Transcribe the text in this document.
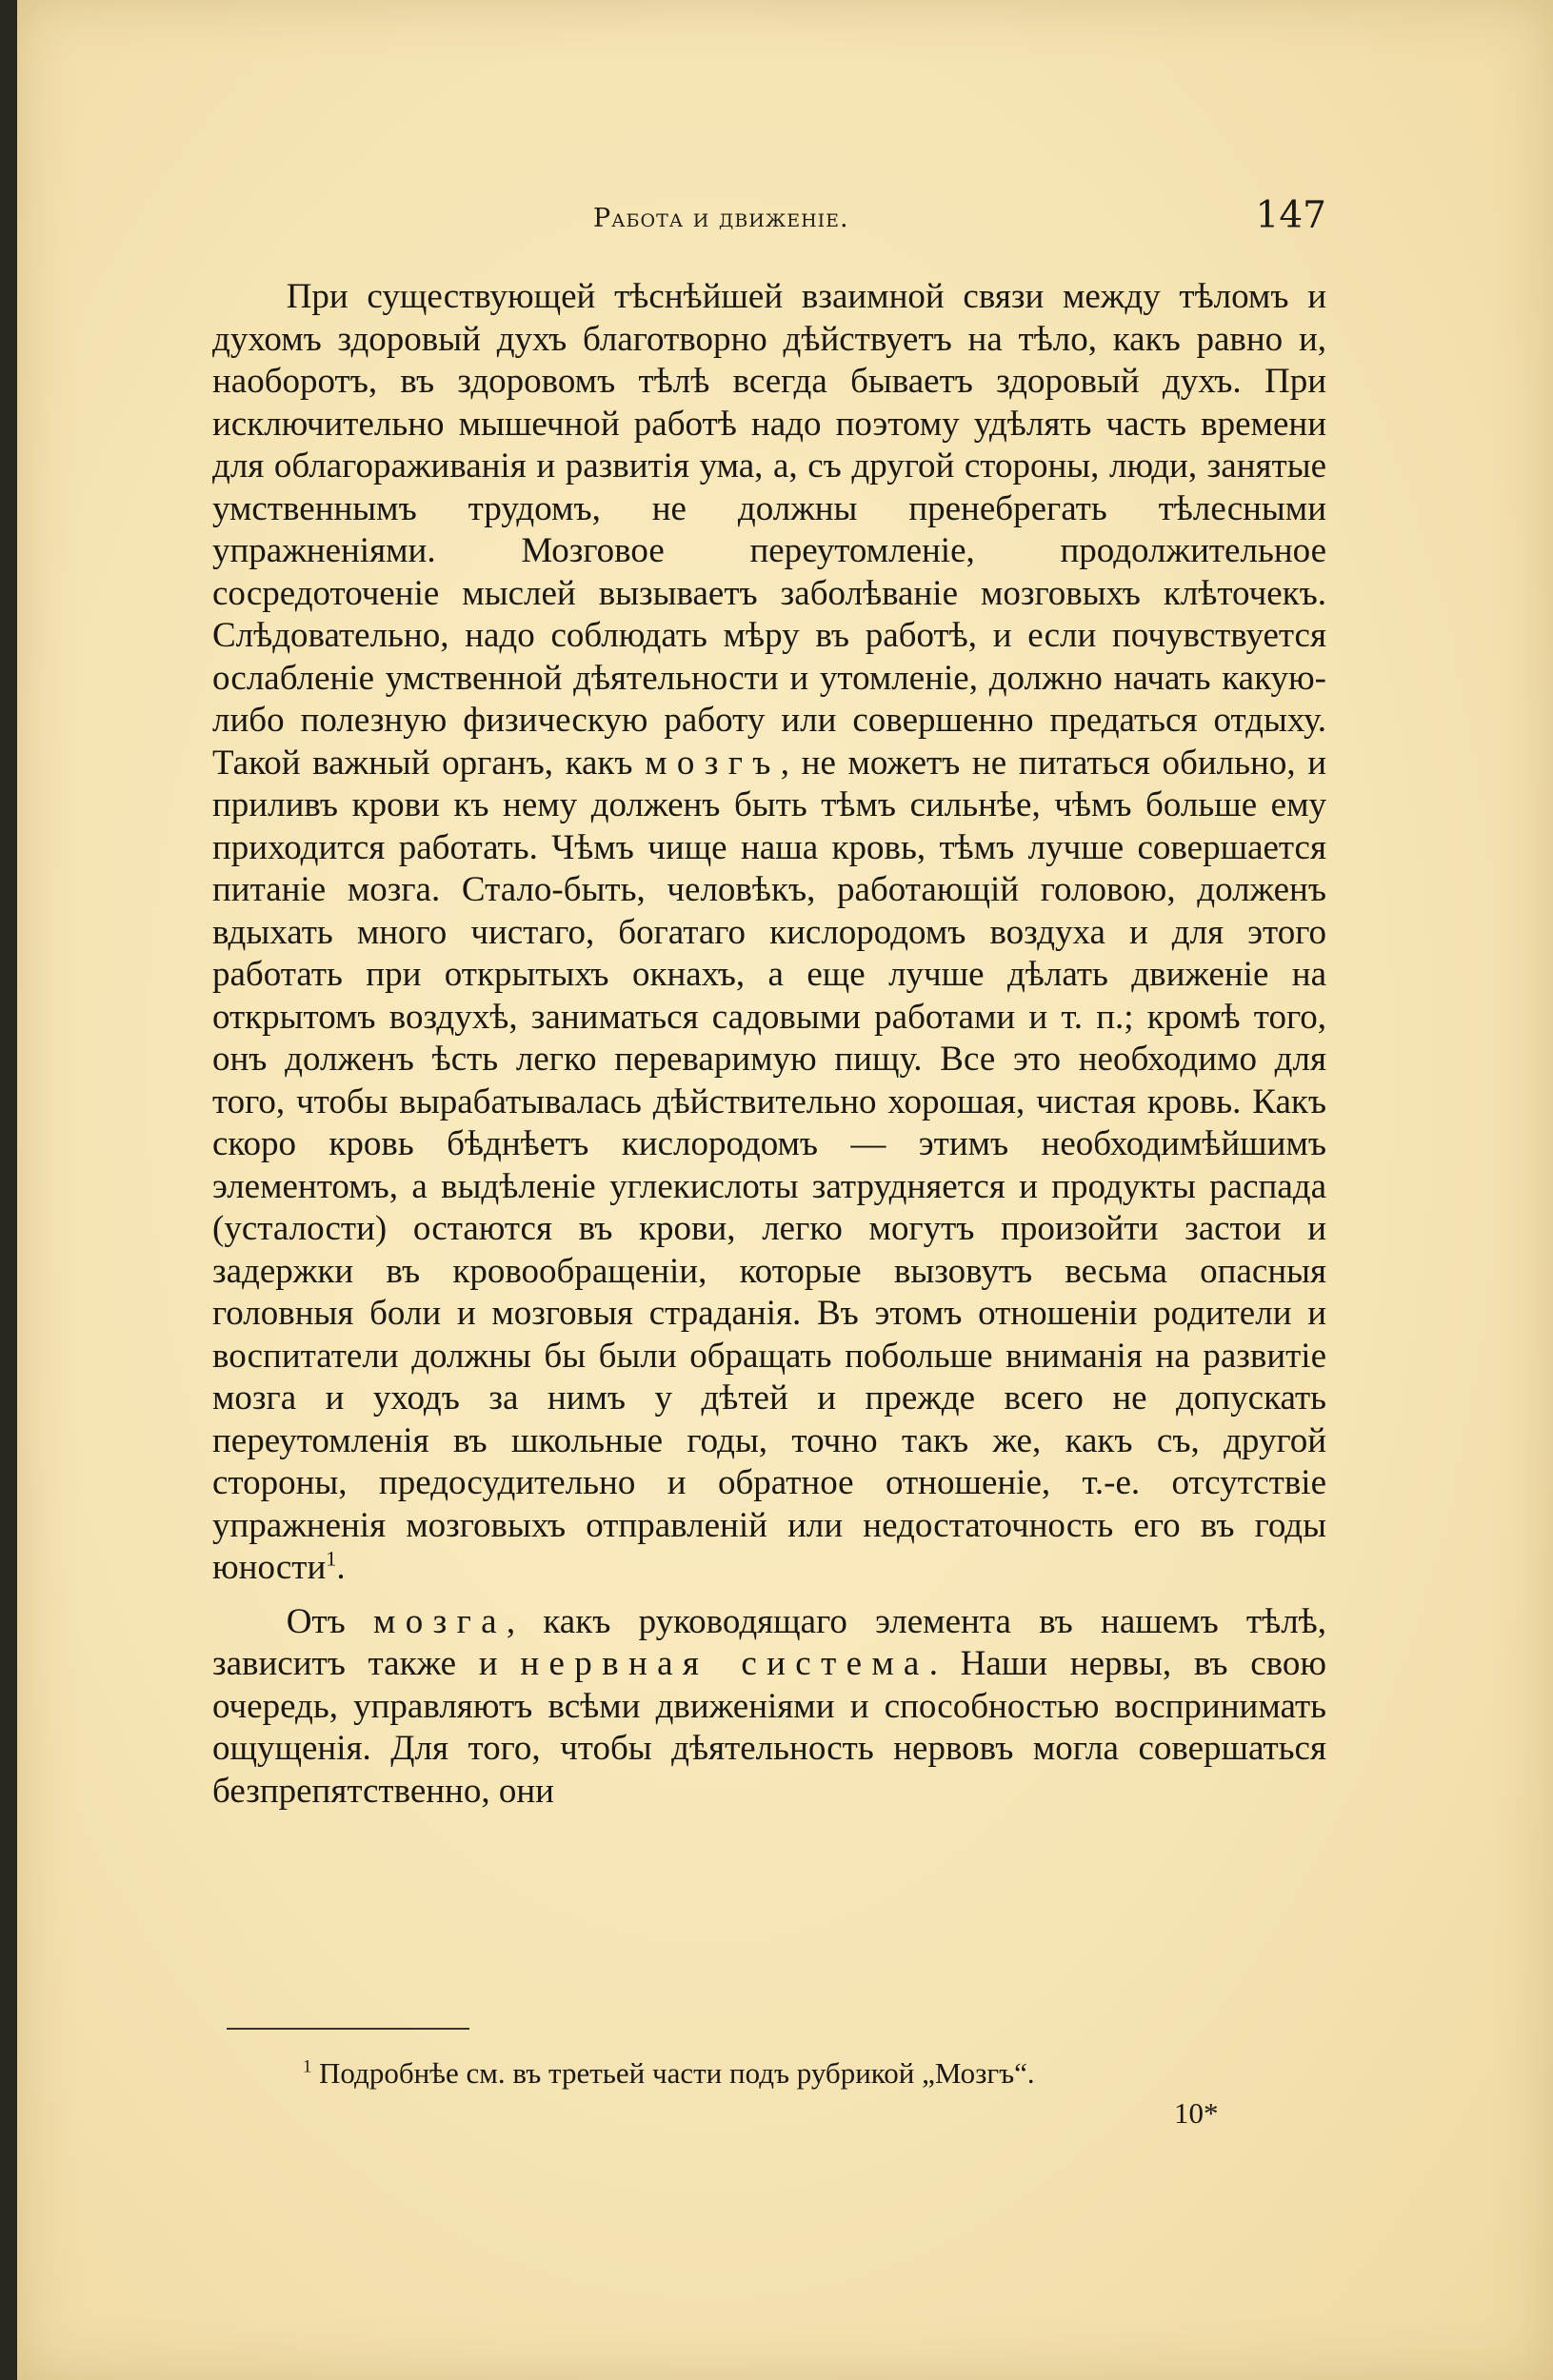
Работа и движеніе.	147

При существующей тѣснѣйшей взаимной связи между тѣломъ и духомъ здоровый духъ благотворно дѣйствуетъ на тѣло, какъ равно и, наоборотъ, въ здоровомъ тѣлѣ всегда бываетъ здоровый духъ. При исключительно мышечной работѣ надо поэтому удѣлять часть времени для облагораживанія и развитія ума, а, съ другой стороны, люди, занятые умственнымъ трудомъ, не должны пренебрегать тѣлесными упражненіями. Мозговое переутомленіе, продолжительное сосредоточеніе мыслей вызываетъ заболѣваніе мозговыхъ клѣточекъ. Слѣдовательно, надо соблюдать мѣру въ работѣ, и если почувствуется ослабленіе умственной дѣятельности и утомленіе, должно начать какую-либо полезную физическую работу или совершенно предаться отдыху. Такой важный органъ, какъ мозгъ, не можетъ не питаться обильно, и приливъ крови къ нему долженъ быть тѣмъ сильнѣе, чѣмъ больше ему приходится работать. Чѣмъ чище наша кровь, тѣмъ лучше совершается питаніе мозга. Стало-быть, человѣкъ, работающій головою, долженъ вдыхать много чистаго, богатаго кислородомъ воздуха и для этого работать при открытыхъ окнахъ, а еще лучше дѣлать движеніе на открытомъ воздухѣ, заниматься садовыми работами и т. п.; кромѣ того, онъ долженъ ѣсть легко переваримую пищу. Все это необходимо для того, чтобы вырабатывалась дѣйствительно хорошая, чистая кровь. Какъ скоро кровь бѣднѣетъ кислородомъ — этимъ необходимѣйшимъ элементомъ, а выдѣленіе углекислоты затрудняется и продукты распада (усталости) остаются въ крови, легко могутъ произойти застои и задержки въ кровообращеніи, которые вызовутъ весьма опасныя головныя боли и мозговыя страданія. Въ этомъ отношеніи родители и воспитатели должны бы были обращать побольше вниманія на развитіе мозга и уходъ за нимъ у дѣтей и прежде всего не допускать переутомленія въ школьные годы, точно такъ же, какъ съ, другой стороны, предосудительно и обратное отношеніе, т.-е. отсутствіе упражненія мозговыхъ отправленій или недостаточность его въ годы юности$^1$.

Отъ мозга, какъ руководящаго элемента въ нашемъ тѣлѣ, зависитъ также и нервная система. Наши нервы, въ свою очередь, управляютъ всѣми движеніями и способностью воспринимать ощущенія. Для того, чтобы дѣятельность нервовъ могла совершаться безпрепятственно, они

$^1$ Подробнѣе см. въ третьей части подъ рубрикой „Мозгъ“.
10*
